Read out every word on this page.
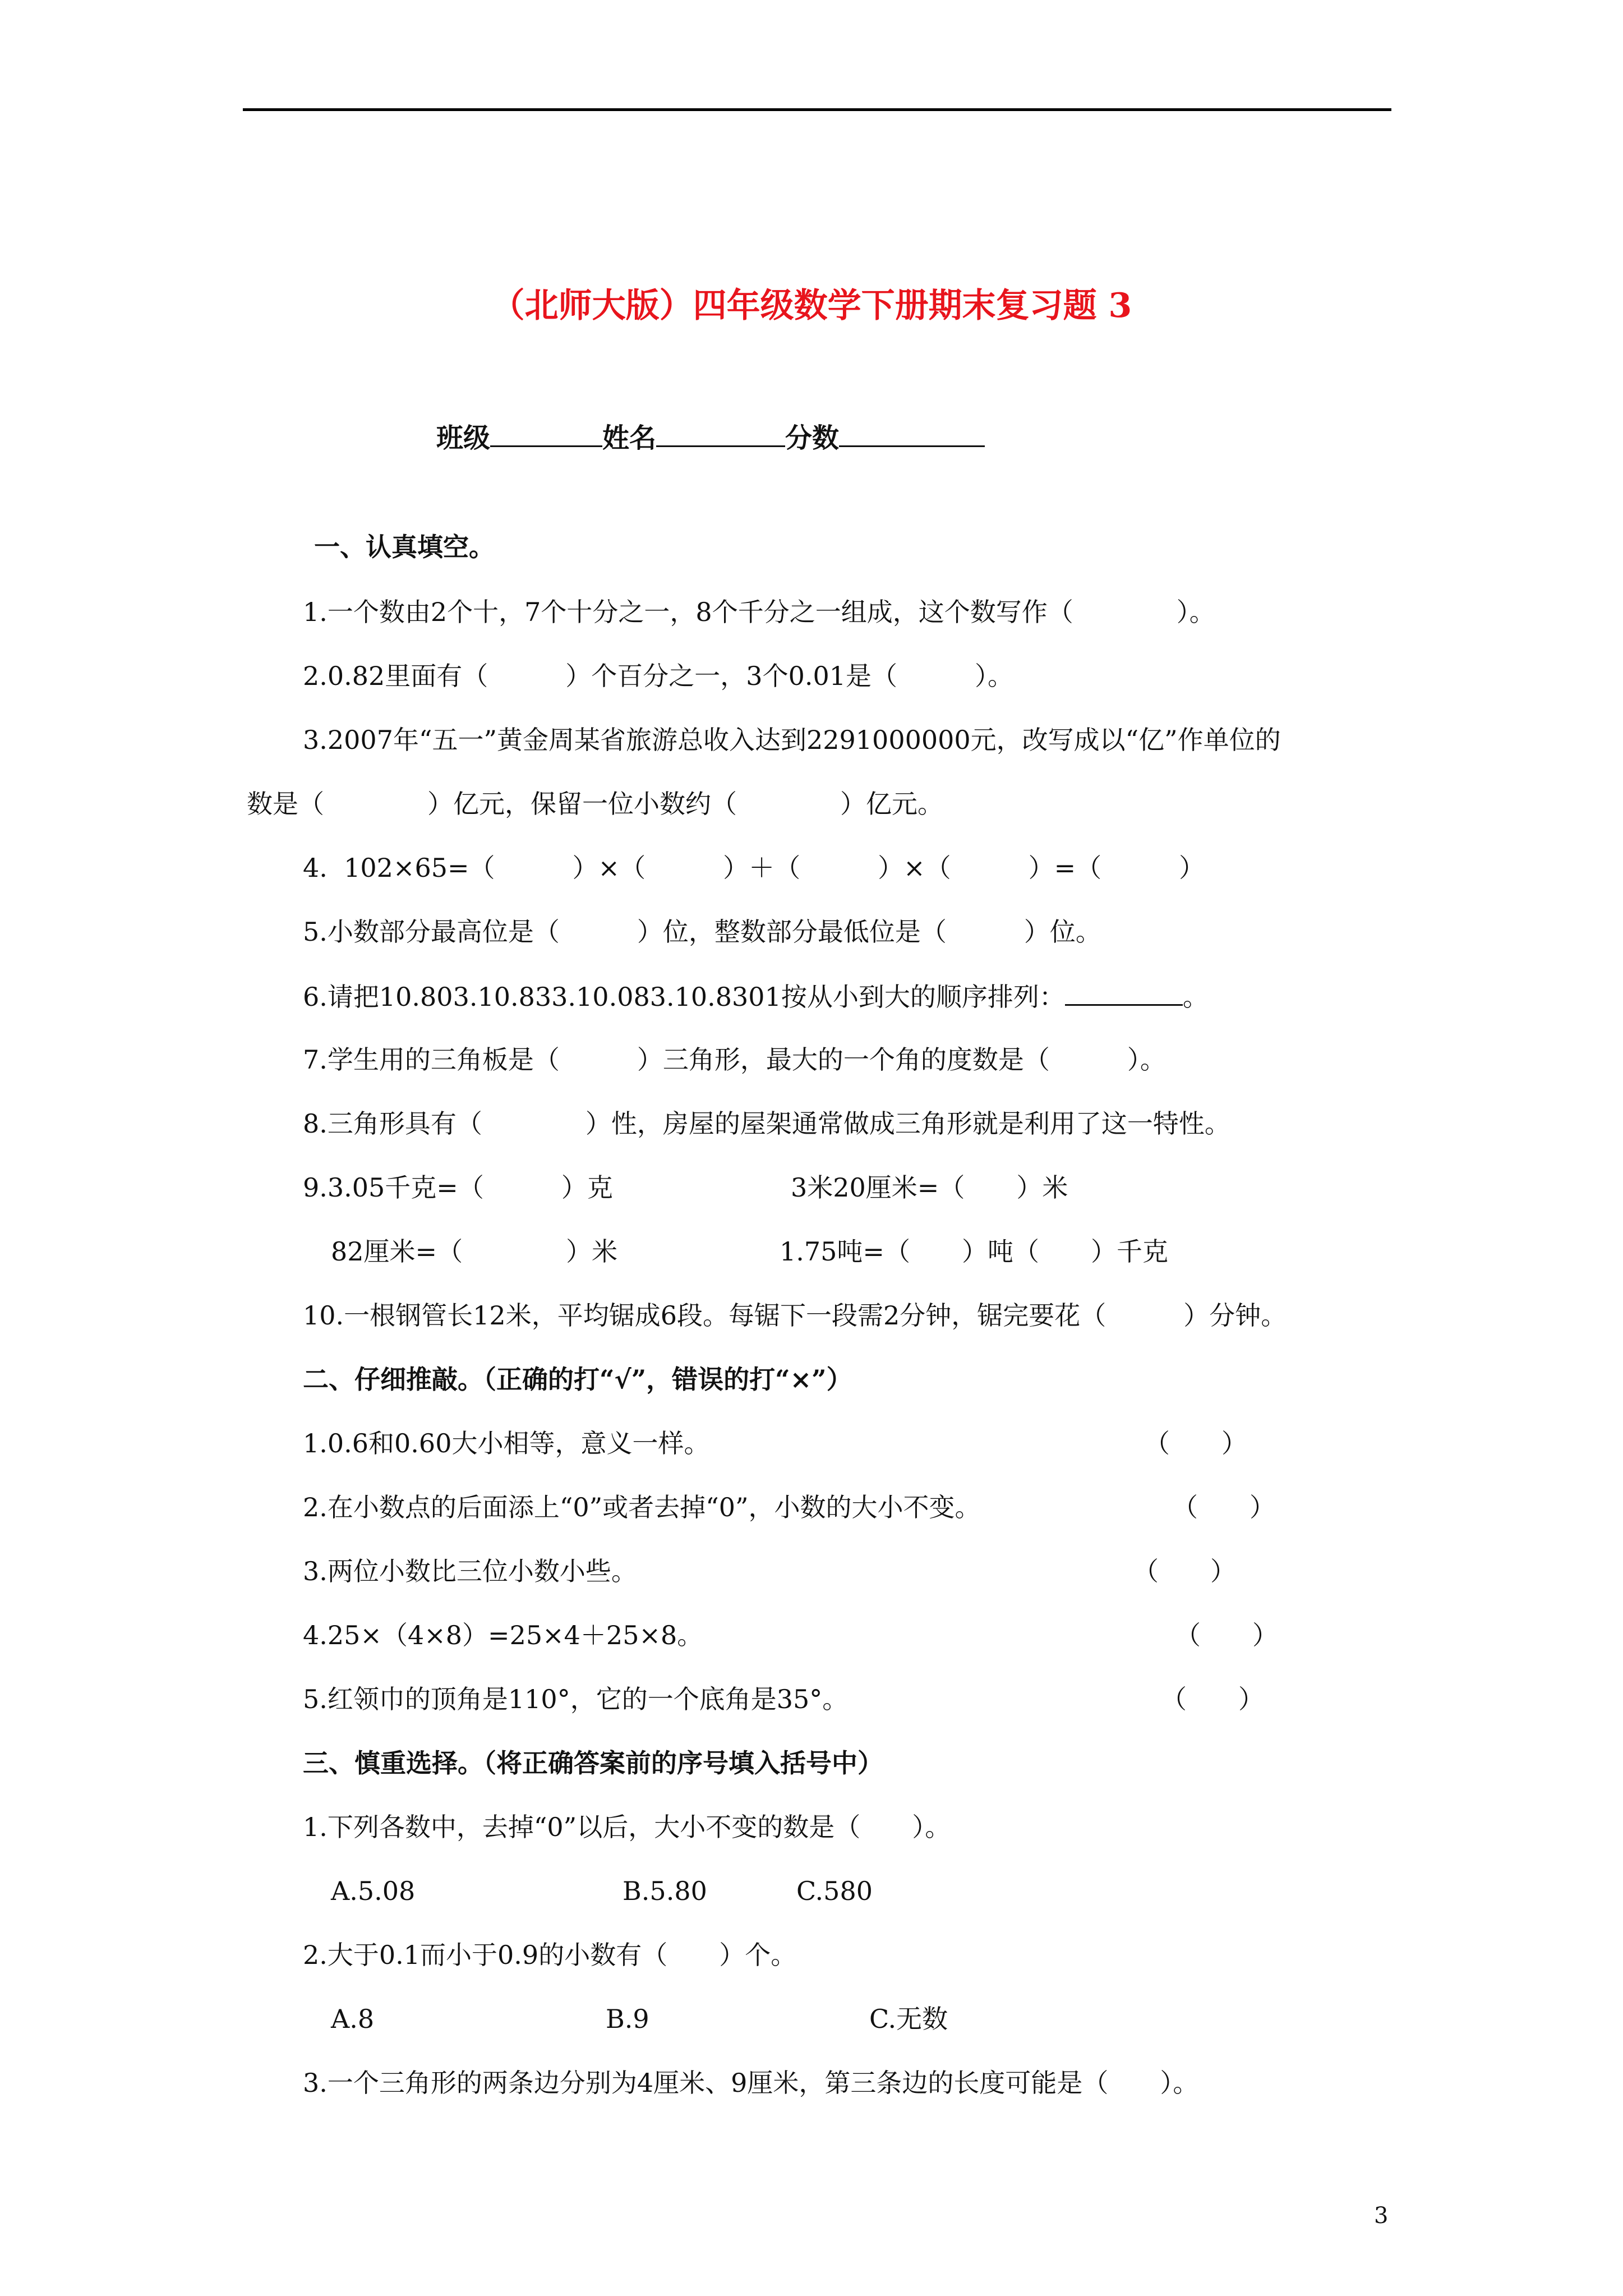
（北师大版）四年级数学下册期末复习题 3
班级	姓名	分数
一、认真填空。
1.一个数由2个十，7个十分之一，8个千分之一组成，这个数写作（　　　　）。
2.0.82里面有（　　　）个百分之一，3个0.01是（　　　）。
3.2007年“五一”黄金周某省旅游总收入达到2291000000元，改写成以“亿”作单位的
数是（　　　　）亿元，保留一位小数约（　　　　）亿元。
4.  102×65=（　　　）×（　　　）＋（　　　）×（　　　）=（　　　）
5.小数部分最高位是（　　　）位，整数部分最低位是（　　　）位。
6.请把10.803.10.833.10.083.10.8301按从小到大的顺序排列：	。
7.学生用的三角板是（　　　）三角形，最大的一个角的度数是（　　　）。
8.三角形具有（　　　　）性，房屋的屋架通常做成三角形就是利用了这一特性。
9.3.05千克=（　　　）克	3米20厘米=（　　）米
82厘米=（　　　　）米	1.75吨=（　　）吨（　　）千克
10.一根钢管长12米，平均锯成6段。每锯下一段需2分钟，锯完要花（　　　）分钟。
二、仔细推敲。（正确的打“√”，错误的打“×”）
1.0.6和0.60大小相等，意义一样。	（　　）
2.在小数点的后面添上“0”或者去掉“0”，小数的大小不变。	（　　）
3.两位小数比三位小数小些。	（　　）
4.25×（4×8）=25×4＋25×8。	（　　）
5.红领巾的顶角是110°，它的一个底角是35°。	（　　）
三、慎重选择。（将正确答案前的序号填入括号中）
1.下列各数中，去掉“0”以后，大小不变的数是（　　）。
A.5.08	B.5.80	C.580
2.大于0.1而小于0.9的小数有（　　）个。
A.8	B.9	C.无数
3.一个三角形的两条边分别为4厘米、9厘米，第三条边的长度可能是（　　）。
3
